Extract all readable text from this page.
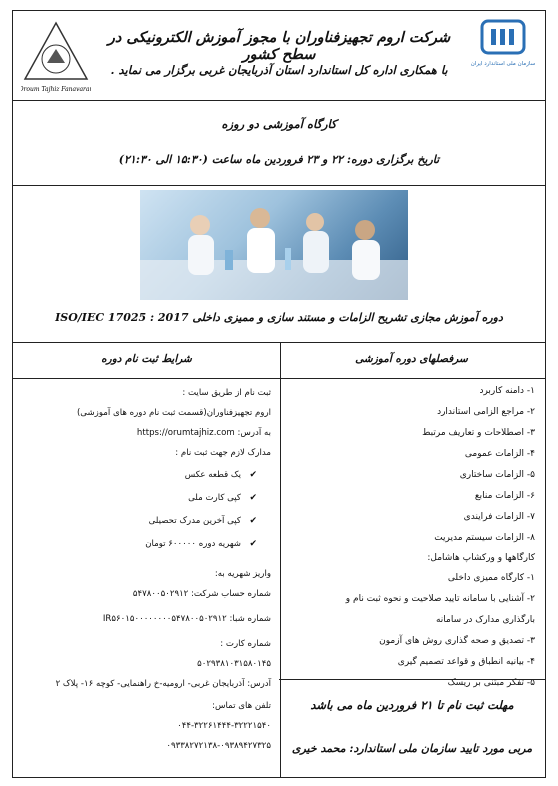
Oroum Tajhiz Fanavaran
شرکت اروم تجهیزفناوران با مجوز آموزش الکترونیکی در سطح کشور
با همکاری اداره کل استاندارد استان آذربایجان غربی برگزار می نماید .	سازمان ملی استاندارد ایران
کارگاه آموزشی دو روزه
تاریخ برگزاری دوره: ۲۲ و ۲۳ فروردین ماه ساعت (۱۵:۳۰ الی ۲۱:۳۰)
دوره آموزش مجازی تشریح الزامات و مستند سازی و ممیزی داخلی ISO/IEC 17025 : 2017
سرفصلهای دوره آموزشی
شرایط ثبت نام دوره
۱- دامنه کاربرد
۲- مراجع الزامی استاندارد
۳- اصطلاحات و تعاریف مرتبط
۴- الزامات عمومی
۵- الزامات ساختاری
۶- الزامات منابع
۷- الزامات فرایندی
۸- الزامات سیستم مدیریت
کارگاهها و ورکشاپ هاشامل:
۱- کارگاه ممیزی داخلی
۲- آشنایی با سامانه تایید صلاحیت و نحوه ثبت نام و
بارگذاری مدارک در سامانه
۳- تصدیق و صحه گذاری روش های آزمون
۴- بیانیه انطباق و قواعد تصمیم گیری
۵- تفکر مبتنی بر ریسک
ثبت نام از طریق سایت :
اروم تجهیزفناوران(قسمت ثبت نام دوره های آموزشی)
به آدرس: https://orumtajhiz.com
مدارک لازم جهت ثبت نام :
✔یک قطعه عکس
✔کپی کارت ملی
✔کپی آخرین مدرک تحصیلی
✔شهریه دوره ۶۰۰۰۰۰ تومان
واریز شهریه به:
شماره حساب شرکت: ۵۴۷۸۰۰۵۰۲۹۱۲
شماره شبا: IR۵۶۰۱۵۰۰۰۰۰۰۰۰۵۴۷۸۰۰۵۰۲۹۱۲
شماره کارت :
۵۰۲۹۳۸۱۰۳۱۵۸۰۱۴۵
آدرس: آذربایجان غربی- ارومیه-خ راهنمایی- کوچه ۱۶- پلاک ۲
تلفن های تماس:
۰۴۴-۳۲۲۶۱۴۴۴-۳۲۲۲۱۵۴۰
۰۹۳۳۸۲۷۲۱۳۸-۰۹۳۸۹۴۲۷۳۲۵
مهلت ثبت نام تا ۲۱ فروردین ماه می باشد
مربی مورد تایید سازمان ملی استاندارد: محمد خیری
